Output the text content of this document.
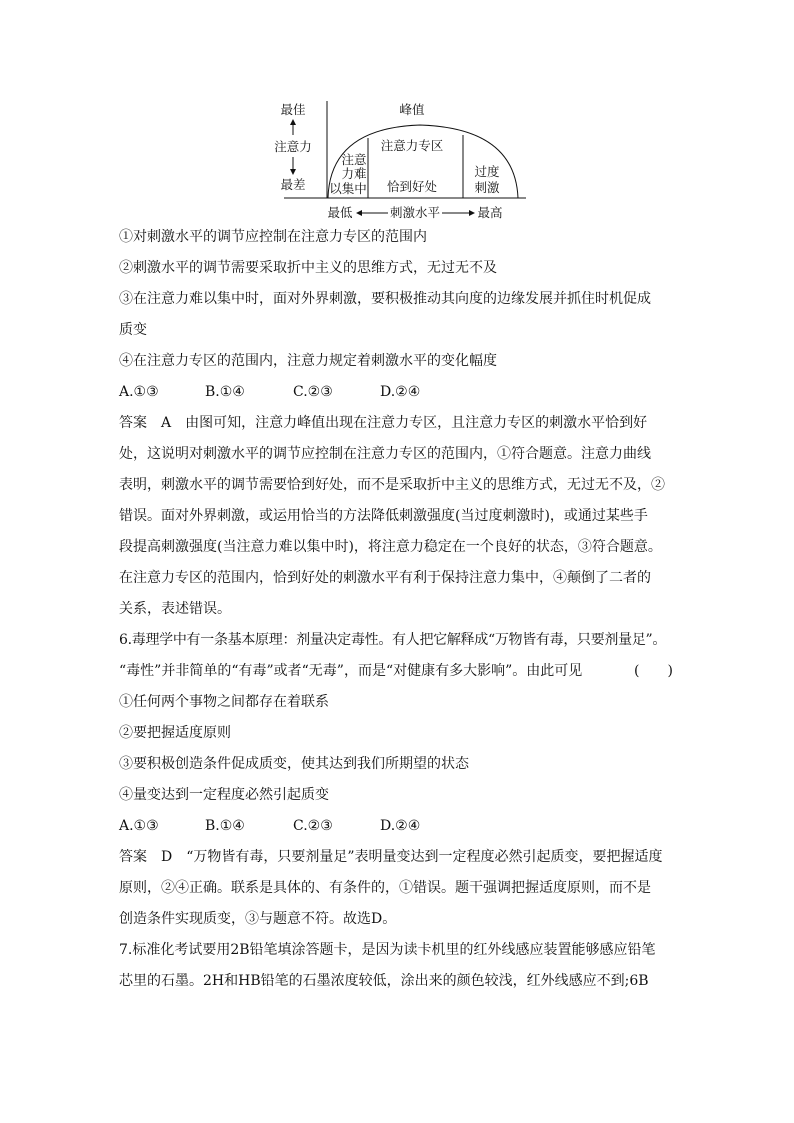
最佳
注意力
最差
峰值
注意
力难
以集中
注意力专区
恰到好处
过度
刺激
最低	刺激水平	最高
①对刺激水平的调节应控制在注意力专区的范围内
②刺激水平的调节需要采取折中主义的思维方式，无过无不及
③在注意力难以集中时，面对外界刺激，要积极推动其向度的边缘发展并抓住时机促成
质变
④在注意力专区的范围内，注意力规定着刺激水平的变化幅度
A.①③	B.①④	C.②③	D.②④
答案　A　由图可知，注意力峰值出现在注意力专区，且注意力专区的刺激水平恰到好
处，这说明对刺激水平的调节应控制在注意力专区的范围内，①符合题意。注意力曲线
表明，刺激水平的调节需要恰到好处，而不是采取折中主义的思维方式，无过无不及，②
错误。面对外界刺激，或运用恰当的方法降低刺激强度(当过度刺激时)，或通过某些手
段提高刺激强度(当注意力难以集中时)，将注意力稳定在一个良好的状态，③符合题意。
在注意力专区的范围内，恰到好处的刺激水平有利于保持注意力集中，④颠倒了二者的
关系，表述错误。
6.毒理学中有一条基本原理：剂量决定毒性。有人把它解释成“万物皆有毒，只要剂量足”。
“毒性”并非简单的“有毒”或者“无毒”，而是“对健康有多大影响”。由此可见	(　　)
①任何两个事物之间都存在着联系
②要把握适度原则
③要积极创造条件促成质变，使其达到我们所期望的状态
④量变达到一定程度必然引起质变
A.①③	B.①④	C.②③	D.②④
答案　D　“万物皆有毒，只要剂量足”表明量变达到一定程度必然引起质变，要把握适度
原则，②④正确。联系是具体的、有条件的，①错误。题干强调把握适度原则，而不是
创造条件实现质变，③与题意不符。故选D。
7.标准化考试要用2B铅笔填涂答题卡，是因为读卡机里的红外线感应装置能够感应铅笔
芯里的石墨。2H和HB铅笔的石墨浓度较低，涂出来的颜色较浅，红外线感应不到;6B
